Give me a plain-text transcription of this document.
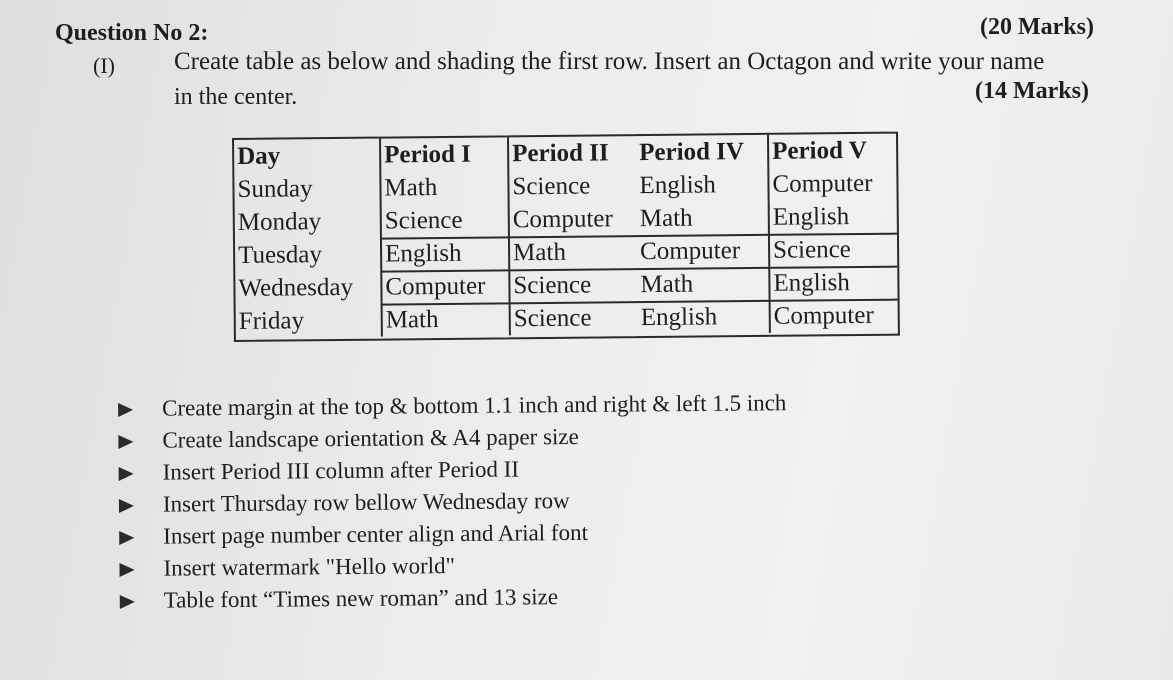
Question No 2:	(20 Marks)
(I) Create table as below and shading the first row. Insert an Octagon and write your name
in the center.	(14 Marks)
Day	Period I	Period II	Period IV	Period V
Sunday	Math	Science	English	Computer
Monday	Science	Computer	Math	English
Tuesday	English	Math	Computer	Science
Wednesday	Computer	Science	Math	English
Friday	Math	Science	English	Computer
Create margin at the top & bottom 1.1 inch and right & left 1.5 inch
Create landscape orientation & A4 paper size
Insert Period III column after Period II
Insert Thursday row bellow Wednesday row
Insert page number center align and Arial font
Insert watermark "Hello world"
Table font “Times new roman” and 13 size
